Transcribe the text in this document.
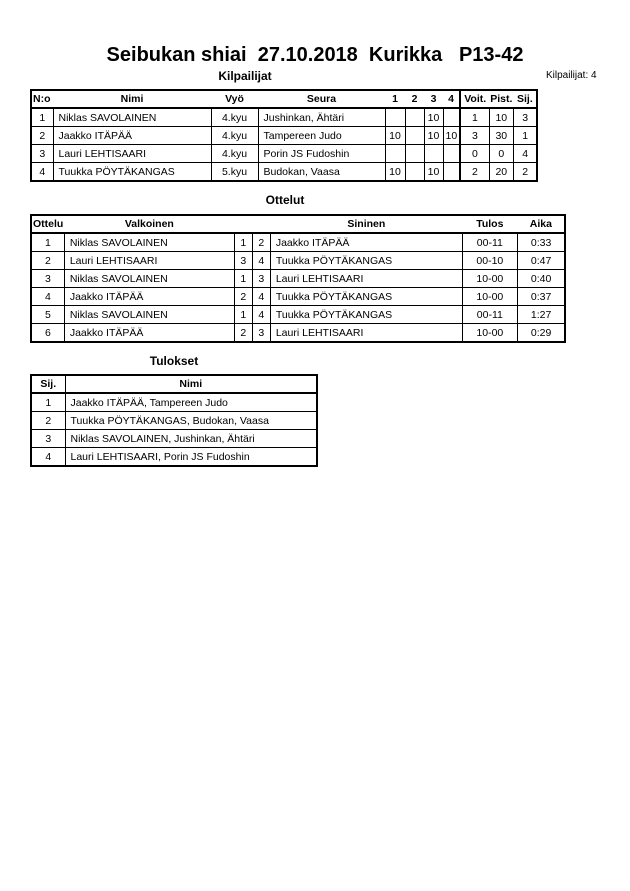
Seibukan shiai  27.10.2018  Kurikka   P13-42
Kilpailijat	Kilpailijat: 4
N:o	Nimi	Vyö	Seura	1	2	3	4	Voit.	Pist.	Sij.
1	Niklas SAVOLAINEN	4.kyu	Jushinkan, Ähtäri			10		1	10	3
2	Jaakko ITÄPÄÄ	4.kyu	Tampereen Judo	10		10	10	3	30	1
3	Lauri LEHTISAARI	4.kyu	Porin JS Fudoshin					0	0	4
4	Tuukka PÖYTÄKANGAS	5.kyu	Budokan, Vaasa	10		10		2	20	2
Ottelut
Ottelu	Valkoinen			Sininen	Tulos	Aika
1	Niklas SAVOLAINEN	1	2	Jaakko ITÄPÄÄ	00-11	0:33
2	Lauri LEHTISAARI	3	4	Tuukka PÖYTÄKANGAS	00-10	0:47
3	Niklas SAVOLAINEN	1	3	Lauri LEHTISAARI	10-00	0:40
4	Jaakko ITÄPÄÄ	2	4	Tuukka PÖYTÄKANGAS	10-00	0:37
5	Niklas SAVOLAINEN	1	4	Tuukka PÖYTÄKANGAS	00-11	1:27
6	Jaakko ITÄPÄÄ	2	3	Lauri LEHTISAARI	10-00	0:29
Tulokset
Sij.	Nimi
1	Jaakko ITÄPÄÄ, Tampereen Judo
2	Tuukka PÖYTÄKANGAS, Budokan, Vaasa
3	Niklas SAVOLAINEN, Jushinkan, Ähtäri
4	Lauri LEHTISAARI, Porin JS Fudoshin
